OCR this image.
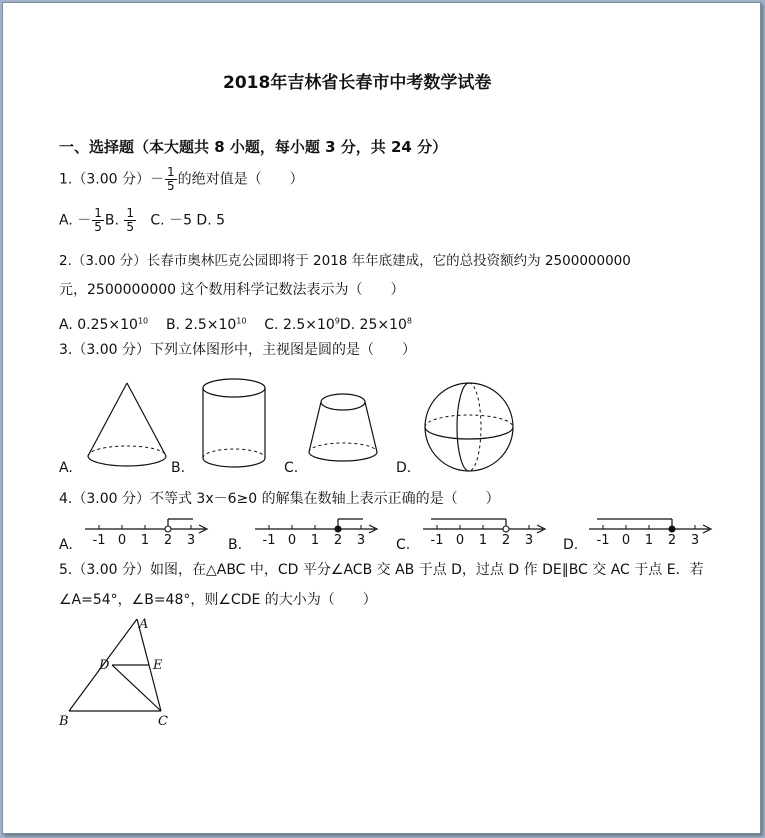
2018年吉林省长春市中考数学试卷
一、选择题（本大题共 8 小题，每小题 3 分，共 24 分）
1.（3.00 分）－ $\frac{1}{5}$ 的绝对值是（　　）
A. － $\frac{1}{5} B$. $\frac{1}{5} C$. －5 D. 5
2.（3.00 分）长春市奥林匹克公园即将于 2018 年年底建成，它的总投资额约为 2500000000
元，2500000000 这个数用科学记数法表示为（　　）
A. $0.25\times 10^{10}$ B. $2.5\times 10^{10}$ C. $2.5\times 10^9D$. $25\times 10^8$
3.（3.00 分）下列立体图形中，主视图是圆的是（　　）
A.	B.	C.	D.
4.（3.00 分）不等式 3x－6≥0 的解集在数轴上表示正确的是（　　）
A. -1 0 1 2 3 B. -1 0 1 2 3 C. -1 0 1 2 3 D. -1 0 1 2 3
5.（3.00 分）如图，在△ABC 中，CD 平分∠ACB 交 AB 于点 D，过点 D 作 DE∥BC 交 AC 于点 E．若
∠A=54°，∠B=48°，则∠CDE 的大小为（　　）
A
B	C
D	E
